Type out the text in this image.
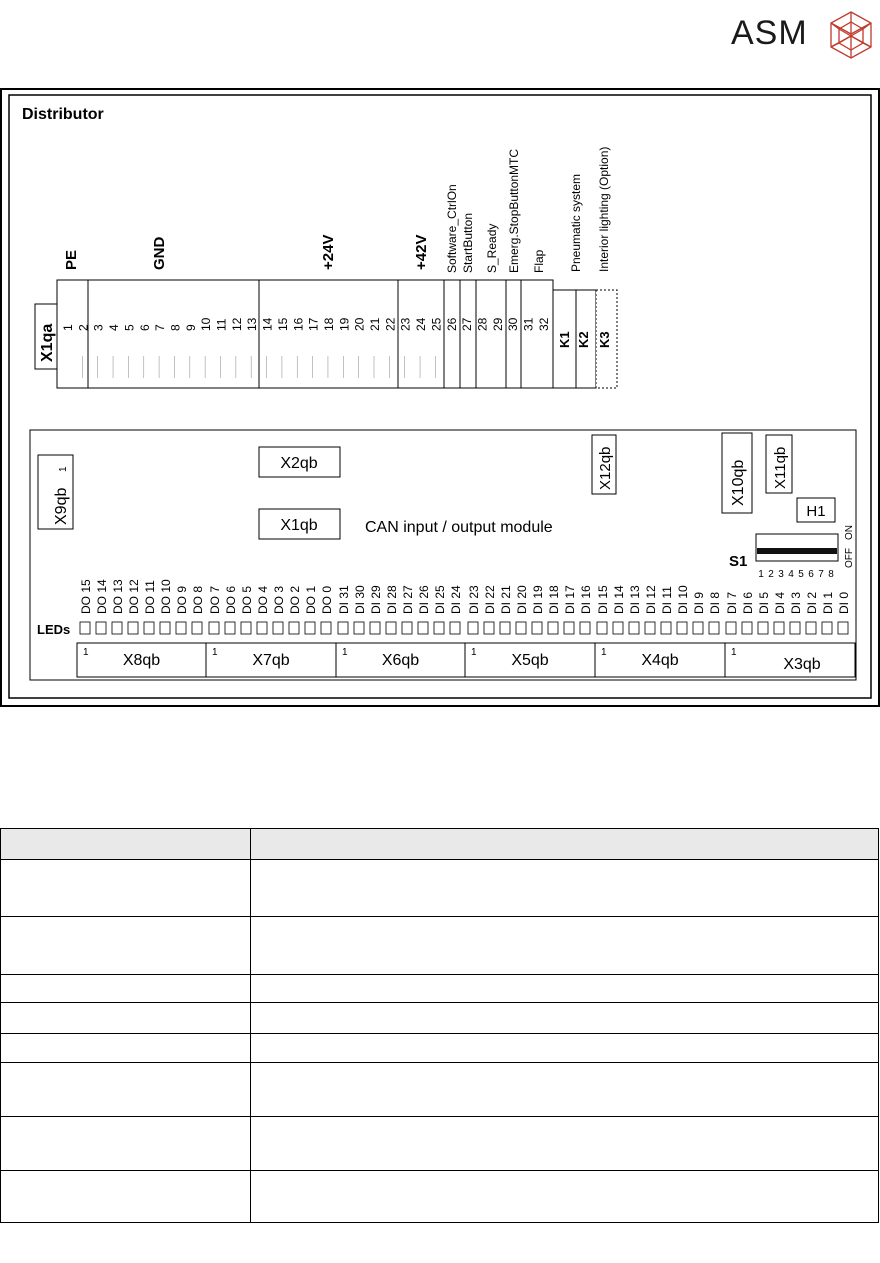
ASM
Distributor
X1qa
X9qb
1	X2qb
X1qb	CAN input / output module
X12qb	X10qb X11qb
H1
S1
ON
OFF
LEDs
1 2 3 4 5 6 7 8 9 10 11 12 13 14 15 16 17 18 19 20 21 22 23 24 25 26 27 28 29 30 31 32
PE	GND	+24V	+42V Software_CtrlOn StartButton S_Ready Emerg.StopButtonMTC Flap
K1
Pneumatic system
K2
Interior lighting (Option)
K3
1 2 3 4 5 6 7 8
DO 15 DO 14 DO 13 DO 12 DO 11 DO 10 DO 9 DO 8 DO 7 DO 6 DO 5 DO 4 DO 3 DO 2 DO 1 DO 0 DI 31 DI 30 DI 29 DI 28 DI 27 DI 26 DI 25 DI 24 DI 23 DI 22 DI 21 DI 20 DI 19 DI 18 DI 17 DI 16 DI 15 DI 14 DI 13 DI 12 DI 11 DI 10 DI 9 DI 8 DI 7 DI 6 DI 5 DI 4 DI 3 DI 2 DI 1 DI 0
1 X8qb	1 X7qb	1 X6qb	1 X5qb	1 X4qb	1
X3qb
